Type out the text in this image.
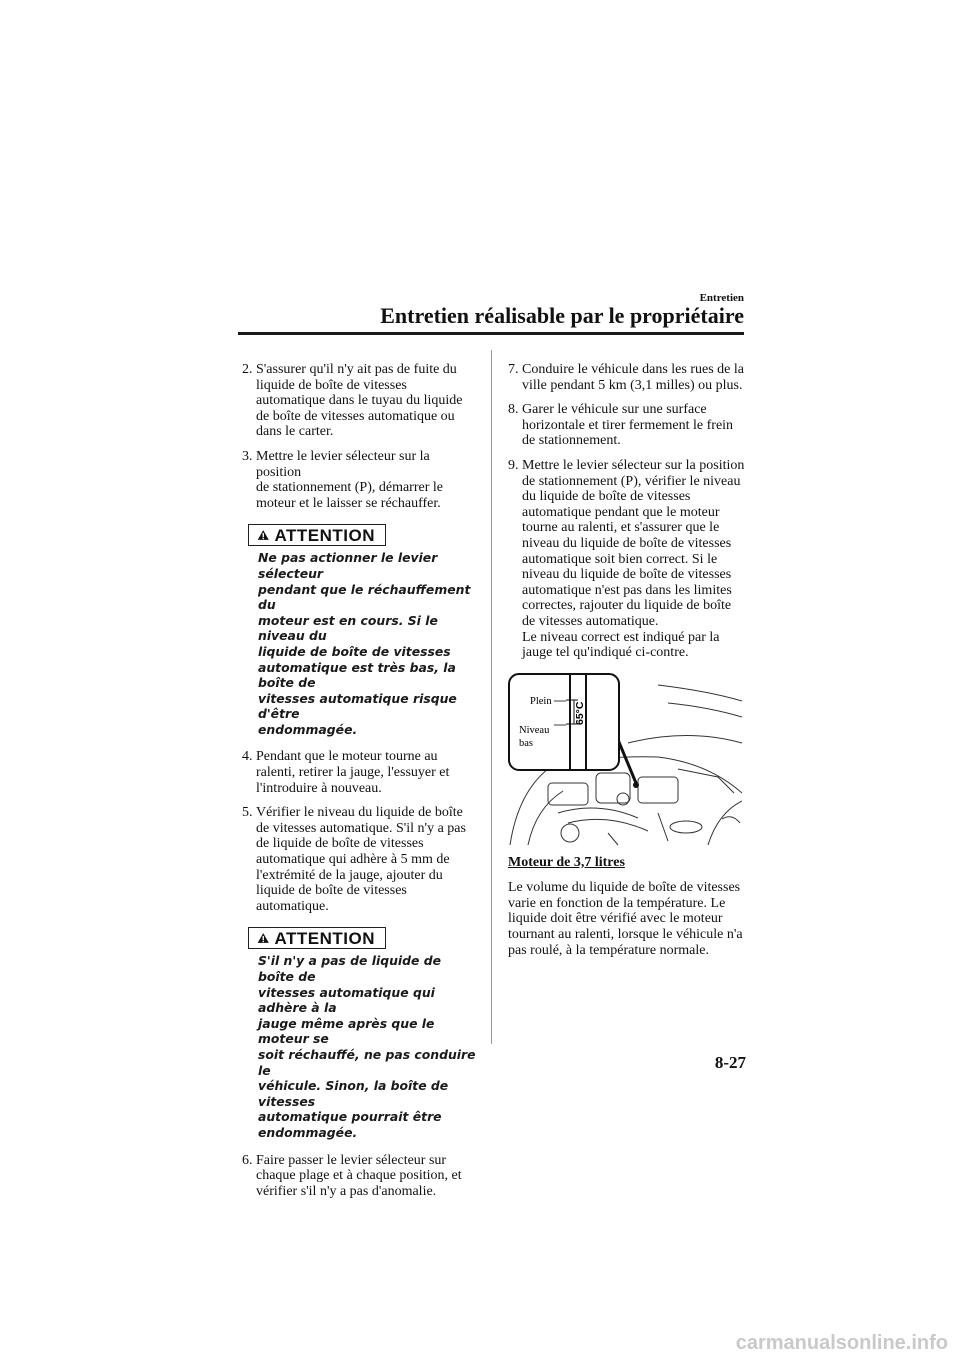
Entretien
Entretien réalisable par le propriétaire
2. S'assurer qu'il n'y ait pas de fuite du
liquide de boîte de vitesses
automatique dans le tuyau du liquide
de boîte de vitesses automatique ou
dans le carter.
3. Mettre le levier sélecteur sur la position
de stationnement (P), démarrer le
moteur et le laisser se réchauffer.
ATTENTION
Ne pas actionner le levier sélecteur
pendant que le réchauffement du
moteur est en cours. Si le niveau du
liquide de boîte de vitesses
automatique est très bas, la boîte de
vitesses automatique risque d'être
endommagée.
4. Pendant que le moteur tourne au
ralenti, retirer la jauge, l'essuyer et
l'introduire à nouveau.
5. Vérifier le niveau du liquide de boîte
de vitesses automatique. S'il n'y a pas
de liquide de boîte de vitesses
automatique qui adhère à 5 mm de
l'extrémité de la jauge, ajouter du
liquide de boîte de vitesses
automatique.
ATTENTION
S'il n'y a pas de liquide de boîte de
vitesses automatique qui adhère à la
jauge même après que le moteur se
soit réchauffé, ne pas conduire le
véhicule. Sinon, la boîte de vitesses
automatique pourrait être
endommagée.
6. Faire passer le levier sélecteur sur
chaque plage et à chaque position, et
vérifier s'il n'y a pas d'anomalie.
7. Conduire le véhicule dans les rues de la
ville pendant 5 km (3,1 milles) ou plus.
8. Garer le véhicule sur une surface
horizontale et tirer fermement le frein
de stationnement.
9. Mettre le levier sélecteur sur la position
de stationnement (P), vérifier le niveau
du liquide de boîte de vitesses
automatique pendant que le moteur
tourne au ralenti, et s'assurer que le
niveau du liquide de boîte de vitesses
automatique soit bien correct. Si le
niveau du liquide de boîte de vitesses
automatique n'est pas dans les limites
correctes, rajouter du liquide de boîte
de vitesses automatique.
Le niveau correct est indiqué par la
jauge tel qu'indiqué ci-contre.
Plein
Niveau
bas
65°C
Moteur de 3,7 litres
Le volume du liquide de boîte de vitesses
varie en fonction de la température. Le
liquide doit être vérifié avec le moteur
tournant au ralenti, lorsque le véhicule n'a
pas roulé, à la température normale.
8-27
carmanualsonline.info
